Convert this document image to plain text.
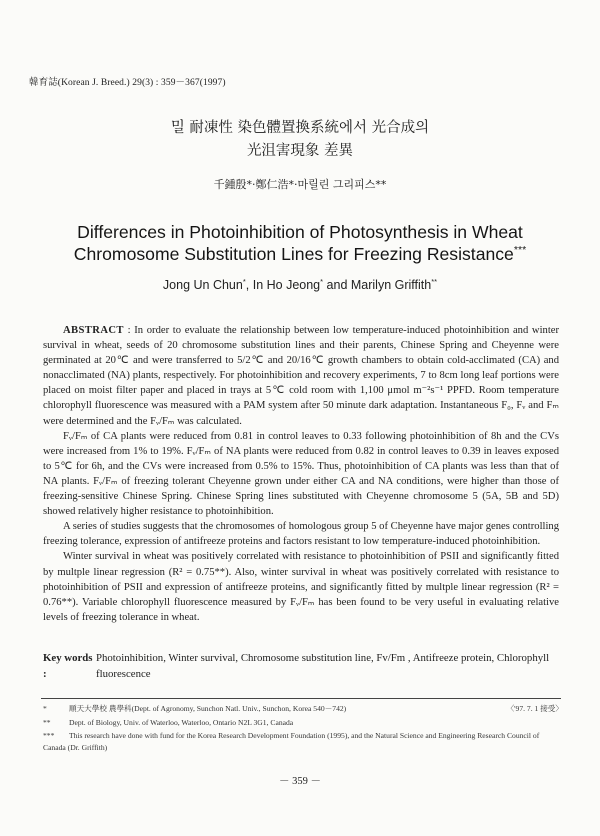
韓育誌(Korean J. Breed.) 29(3) : 359－367(1997)
밀 耐凍性 染色體置換系統에서 光合成의
光沮害現象 差異
千鍾殷*·鄭仁浩*·마릴린 그리피스**
Differences in Photoinhibition of Photosynthesis in Wheat
Chromosome Substitution Lines for Freezing Resistance***
Jong Un Chun*, In Ho Jeong* and Marilyn Griffith**

ABSTRACT : In order to evaluate the relationship between low temperature-induced photoinhibition and winter survival in wheat, seeds of 20 chromosome substitution lines and their parents, Chinese Spring and Cheyenne were germinated at 20℃ and were transferred to 5/2℃ and 20/16℃ growth chambers to obtain cold-acclimated (CA) and nonacclimated (NA) plants, respectively. For photoinhibition and recovery experiments, 7 to 8cm long leaf portions were placed on moist filter paper and placed in trays at 5℃ cold room with 1,100 μmol m⁻²s⁻¹ PPFD. Room temperature chlorophyll fluorescence was measured with a PAM system after 50 minute dark adaptation. Instantaneous F₀, Fᵥ and Fₘ were determined and the Fᵥ/Fₘ was calculated.

Fᵥ/Fₘ of CA plants were reduced from 0.81 in control leaves to 0.33 following photoinhibition of 8h and the CVs were increased from 1% to 19%. Fᵥ/Fₘ of NA plants were reduced from 0.82 in control leaves to 0.39 in leaves exposed to 5℃ for 6h, and the CVs were increased from 0.5% to 15%. Thus, photoinhibition of CA plants was less than that of NA plants. Fᵥ/Fₘ of freezing tolerant Cheyenne grown under either CA and NA conditions, were higher than those of freezing-sensitive Chinese Spring. Chinese Spring lines substituted with Cheyenne chromosome 5 (5A, 5B and 5D) showed relatively higher resistance to photoinhibition.

A series of studies suggests that the chromosomes of homologous group 5 of Cheyenne have major genes controlling freezing tolerance, expression of antifreeze proteins and factors resistant to low temperature-induced photoinhibition.

Winter survival in wheat was positively correlated with resistance to photoinhibition of PSII and significantly fitted by multple linear regression (R² = 0.75**). Also, winter survival in wheat was positively correlated with resistance to photoinhibition of PSII and expression of antifreeze proteins, and significantly fitted by multple linear regression (R² = 0.76**). Variable chlorophyll fluorescence measured by Fᵥ/Fₘ has been found to be very useful in evaluating relative levels of freezing tolerance in wheat.

Key words :
Photoinhibition, Winter survival, Chromosome substitution line, Fv/Fm , Antifreeze protein, Chlorophyll fluorescence
*	順天大學校 農學科(Dept. of Agronomy, Sunchon Natl. Univ., Sunchon, Korea 540－742)	〈'97. 7. 1 接受〉
** Dept. of Biology, Univ. of Waterloo, Waterloo, Ontario N2L 3G1, Canada
*** This research have done with fund for the Korea Research Development Foundation (1995), and the Natural Science and Engineering Research Council of Canada (Dr. Griffith)
－ 359 －
